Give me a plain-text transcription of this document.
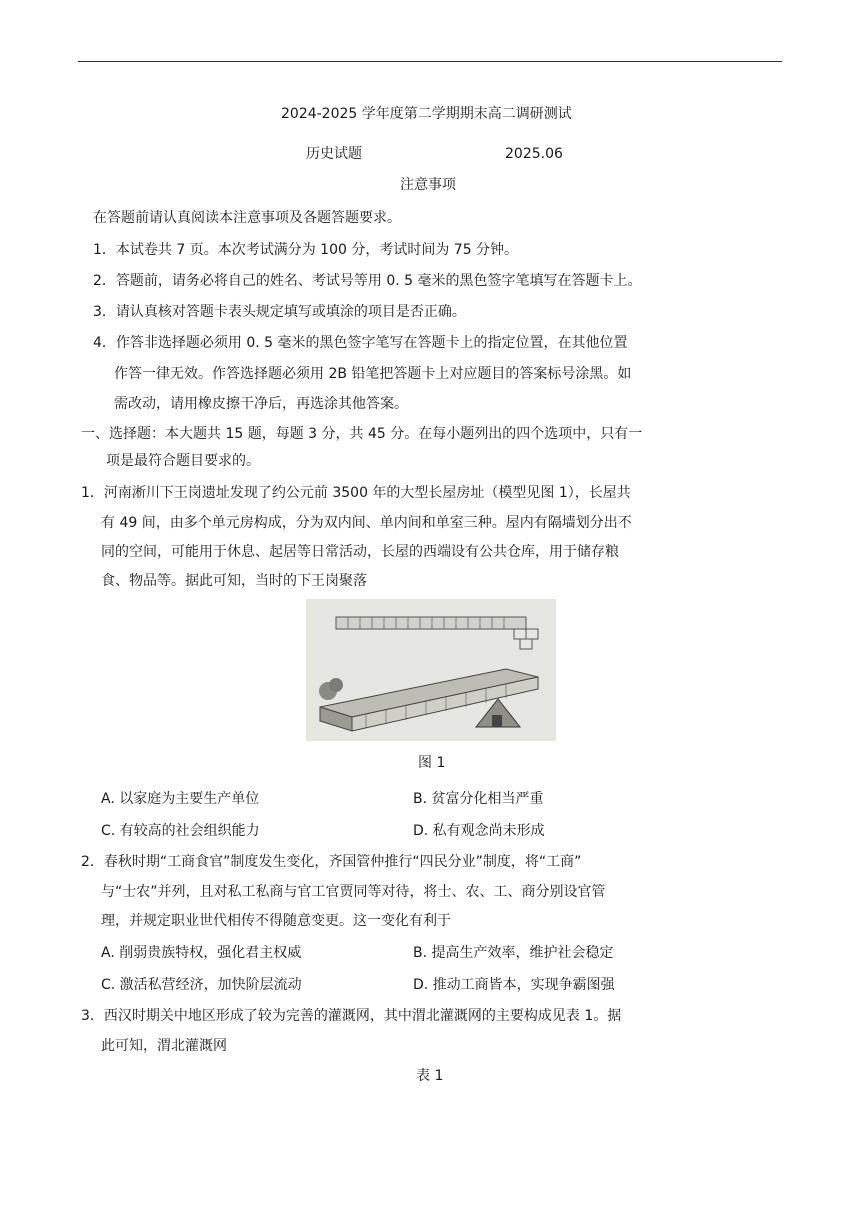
2024-2025 学年度第二学期期末高二调研测试
历史试题	2025.06
注意事项
在答题前请认真阅读本注意事项及各题答题要求。
1．本试卷共 7 页。本次考试满分为 100 分，考试时间为 75 分钟。
2．答题前，请务必将自己的姓名、考试号等用 0. 5 毫米的黑色签字笔填写在答题卡上。
3．请认真核对答题卡表头规定填写或填涂的项目是否正确。
4．作答非选择题必须用 0. 5 毫米的黑色签字笔写在答题卡上的指定位置，在其他位置
作答一律无效。作答选择题必须用 2B 铅笔把答题卡上对应题目的答案标号涂黑。如
需改动，请用橡皮擦干净后，再选涂其他答案。
一、选择题：本大题共 15 题，每题 3 分，共 45 分。在每小题列出的四个选项中，只有一
项是最符合题目要求的。
1．河南淅川下王岗遗址发现了约公元前 3500 年的大型长屋房址（模型见图 1），长屋共
有 49 间，由多个单元房构成，分为双内间、单内间和单室三种。屋内有隔墙划分出不
同的空间，可能用于休息、起居等日常活动，长屋的西端设有公共仓库，用于储存粮
食、物品等。据此可知，当时的下王岗聚落
图 1
A. 以家庭为主要生产单位	B. 贫富分化相当严重
C. 有较高的社会组织能力	D. 私有观念尚未形成
2．春秋时期“工商食官”制度发生变化，齐国管仲推行“四民分业”制度，将“工商”
与“士农”并列，且对私工私商与官工官贾同等对待，将士、农、工、商分别设官管
理，并规定职业世代相传不得随意变更。这一变化有利于
A. 削弱贵族特权，强化君主权威	B. 提高生产效率，维护社会稳定
C. 激活私营经济，加快阶层流动	D. 推动工商皆本，实现争霸图强
3．西汉时期关中地区形成了较为完善的灌溉网，其中渭北灌溉网的主要构成见表 1。据
此可知，渭北灌溉网
表 1
